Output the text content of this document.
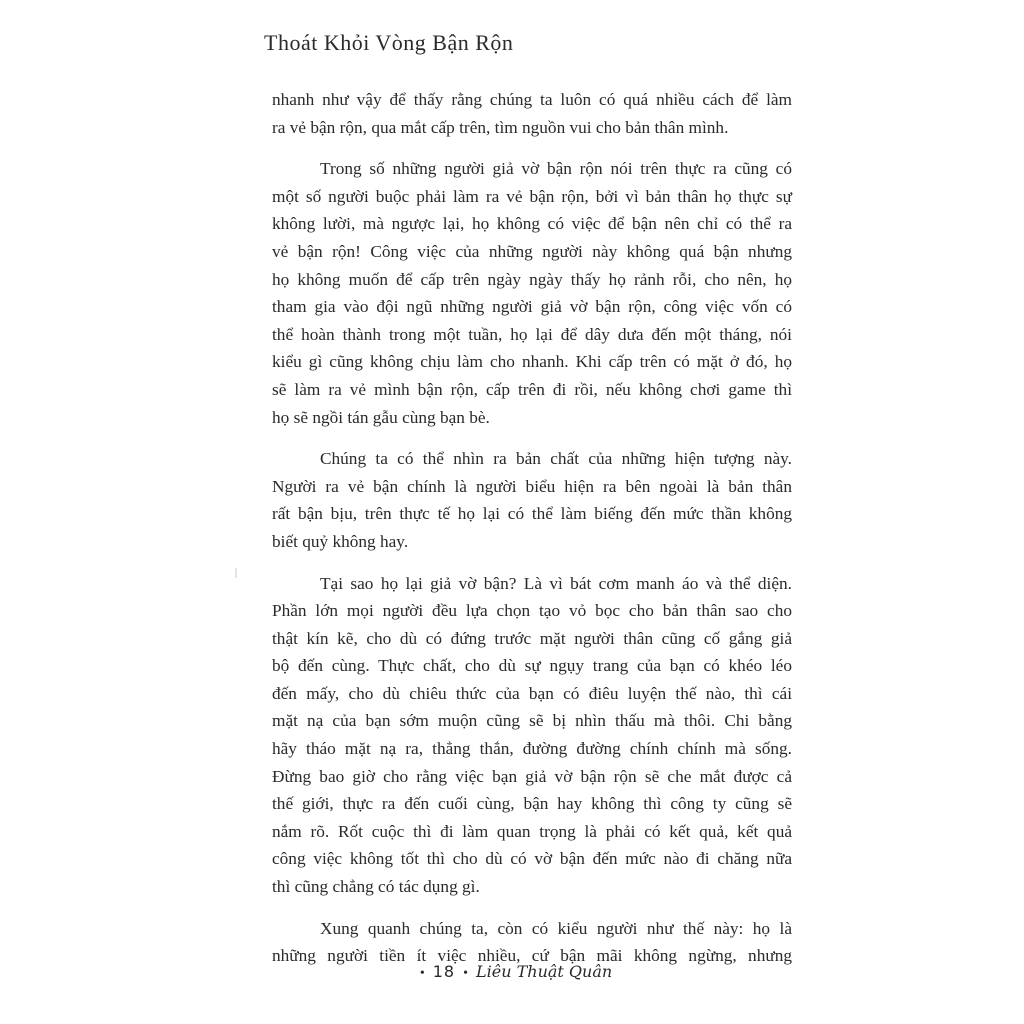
Thoát Khỏi Vòng Bận Rộn
nhanh như vậy để thấy rằng chúng ta luôn có quá nhiều cách để làm
ra vẻ bận rộn, qua mắt cấp trên, tìm nguồn vui cho bản thân mình.
Trong số những người giả vờ bận rộn nói trên thực ra cũng có
một số người buộc phải làm ra vẻ bận rộn, bởi vì bản thân họ thực sự
không lười, mà ngược lại, họ không có việc để bận nên chỉ có thể ra
vẻ bận rộn! Công việc của những người này không quá bận nhưng
họ không muốn để cấp trên ngày ngày thấy họ rảnh rỗi, cho nên, họ
tham gia vào đội ngũ những người giả vờ bận rộn, công việc vốn có
thể hoàn thành trong một tuần, họ lại để dây dưa đến một tháng, nói
kiểu gì cũng không chịu làm cho nhanh. Khi cấp trên có mặt ở đó, họ
sẽ làm ra vẻ mình bận rộn, cấp trên đi rồi, nếu không chơi game thì
họ sẽ ngồi tán gẫu cùng bạn bè.
Chúng ta có thể nhìn ra bản chất của những hiện tượng này.
Người ra vẻ bận chính là người biểu hiện ra bên ngoài là bản thân
rất bận bịu, trên thực tế họ lại có thể làm biếng đến mức thần không
biết quỷ không hay.
Tại sao họ lại giả vờ bận? Là vì bát cơm manh áo và thể diện.
Phần lớn mọi người đều lựa chọn tạo vỏ bọc cho bản thân sao cho
thật kín kẽ, cho dù có đứng trước mặt người thân cũng cố gắng giả
bộ đến cùng. Thực chất, cho dù sự ngụy trang của bạn có khéo léo
đến mấy, cho dù chiêu thức của bạn có điêu luyện thế nào, thì cái
mặt nạ của bạn sớm muộn cũng sẽ bị nhìn thấu mà thôi. Chi bằng
hãy tháo mặt nạ ra, thẳng thắn, đường đường chính chính mà sống.
Đừng bao giờ cho rằng việc bạn giả vờ bận rộn sẽ che mắt được cả
thế giới, thực ra đến cuối cùng, bận hay không thì công ty cũng sẽ
nắm rõ. Rốt cuộc thì đi làm quan trọng là phải có kết quả, kết quả
công việc không tốt thì cho dù có vờ bận đến mức nào đi chăng nữa
thì cũng chẳng có tác dụng gì.
Xung quanh chúng ta, còn có kiểu người như thế này: họ là
những người tiền ít việc nhiều, cứ bận mãi không ngừng, nhưng
• 18 • Liêu Thuật Quân
